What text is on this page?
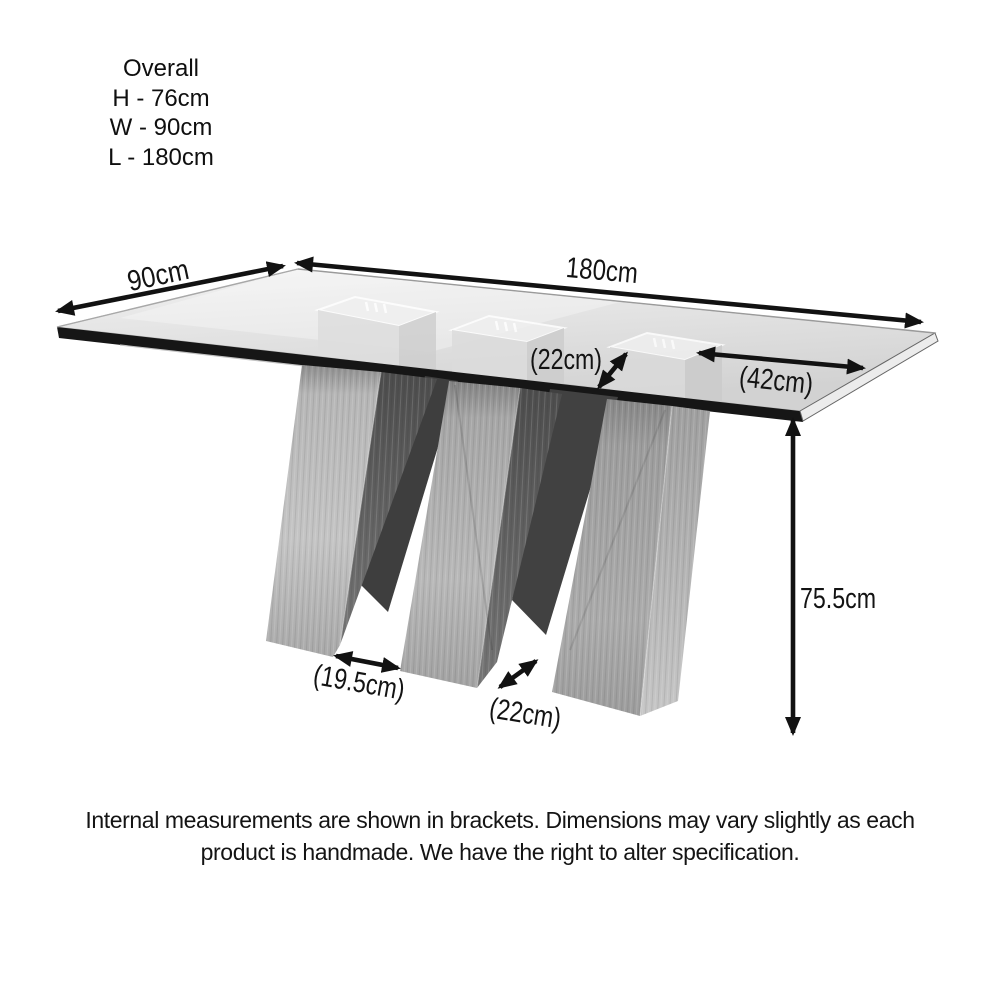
Overall
H - 76cm
W - 90cm
L - 180cm
90cm	180cm
(22cm)
(42cm)
75.5cm
(19.5cm)
(22cm)
Internal measurements are shown in brackets. Dimensions may vary slightly as each
product is handmade. We have the right to alter specification.
